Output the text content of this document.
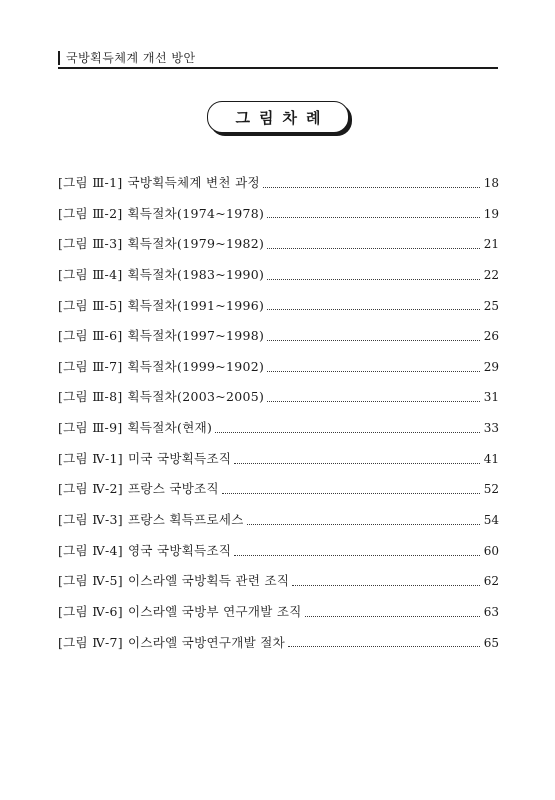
국방획득체계 개선 방안
그림차례
[그림 Ⅲ-1] 국방획득체계 변천 과정	18
[그림 Ⅲ-2] 획득절차(1974~1978)	19
[그림 Ⅲ-3] 획득절차(1979~1982)	21
[그림 Ⅲ-4] 획득절차(1983~1990)	22
[그림 Ⅲ-5] 획득절차(1991~1996)	25
[그림 Ⅲ-6] 획득절차(1997~1998)	26
[그림 Ⅲ-7] 획득절차(1999~1902)	29
[그림 Ⅲ-8] 획득절차(2003~2005)	31
[그림 Ⅲ-9] 획득절차(현재)	33
[그림 Ⅳ-1] 미국 국방획득조직	41
[그림 Ⅳ-2] 프랑스 국방조직	52
[그림 Ⅳ-3] 프랑스 획득프로세스	54
[그림 Ⅳ-4] 영국 국방획득조직	60
[그림 Ⅳ-5] 이스라엘 국방획득 관련 조직	62
[그림 Ⅳ-6] 이스라엘 국방부 연구개발 조직	63
[그림 Ⅳ-7] 이스라엘 국방연구개발 절차	65
